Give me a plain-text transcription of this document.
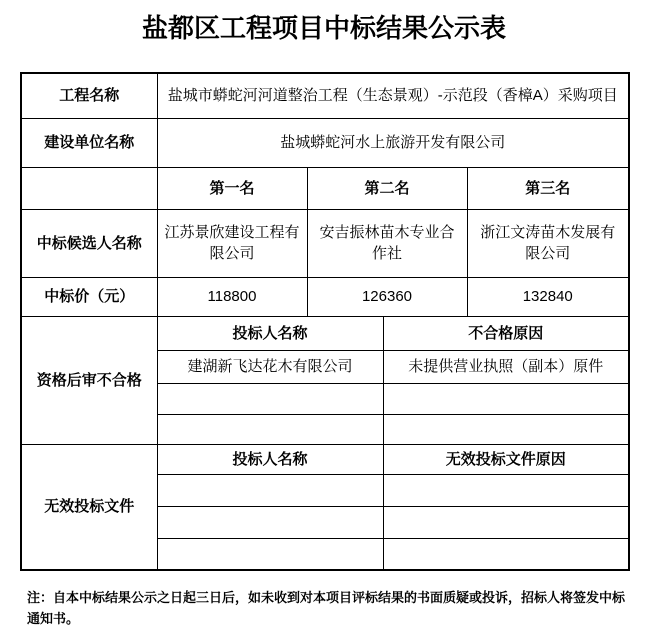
盐都区工程项目中标结果公示表
工程名称	盐城市蟒蛇河河道整治工程（生态景观）-示范段（香樟A）采购项目			
建设单位名称	盐城蟒蛇河水上旅游开发有限公司			
	第一名	第二名		第三名
中标候选人名称	江苏景欣建设工程有限公司	安吉振林苗木专业合作社		浙江文涛苗木发展有限公司
中标价（元）	118800	126360		132840
资格后审不合格	投标人名称		不合格原因	
	建湖新飞达花木有限公司		未提供营业执照（副本）原件	

无效投标文件	投标人名称		无效投标文件原因	

注：自本中标结果公示之日起三日后，如未收到对本项目评标结果的书面质疑或投诉，招标人将签发中标通知书。
